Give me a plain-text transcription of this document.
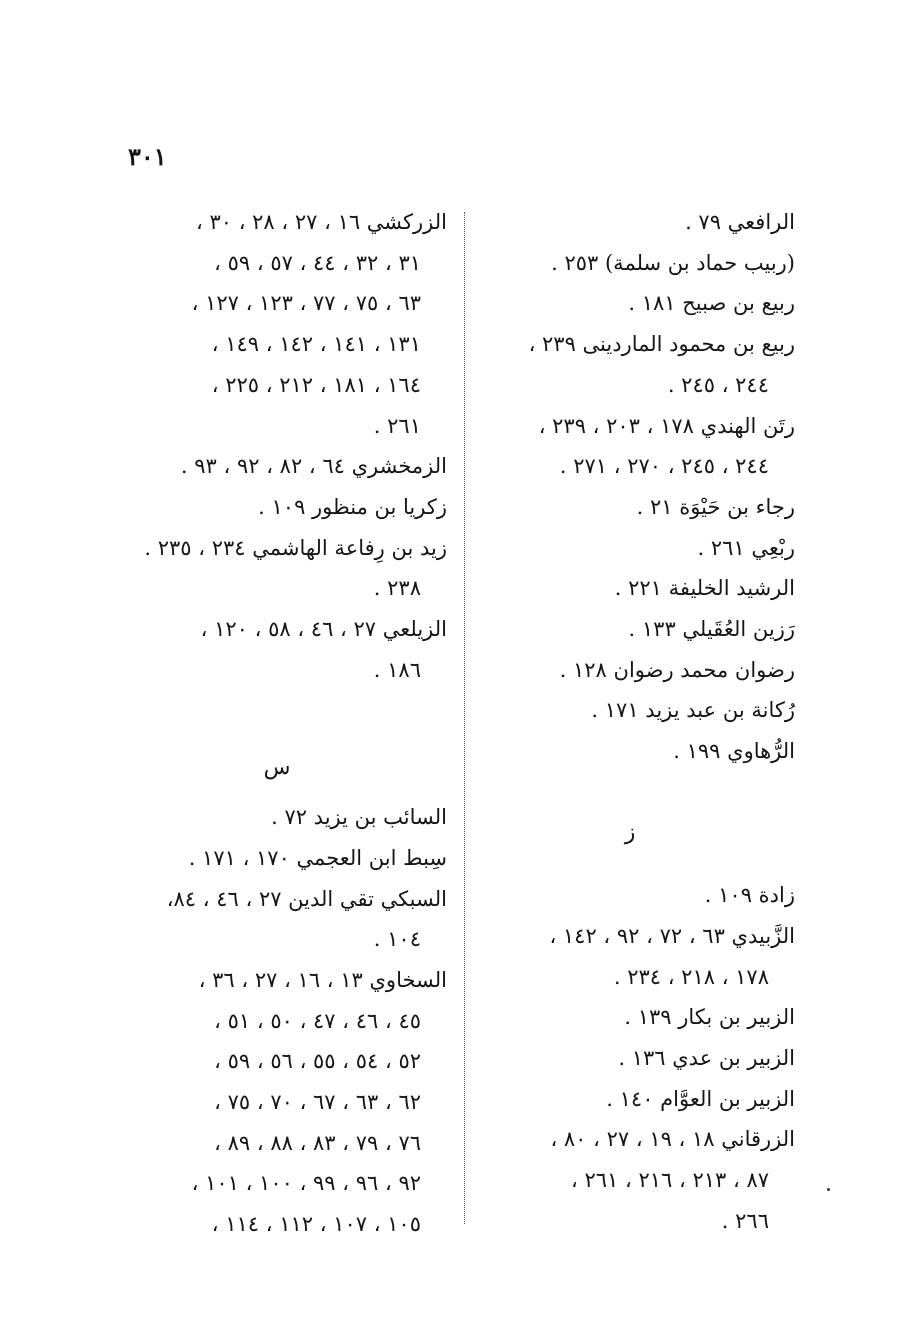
٣٠١
الرافعي ٧٩ .
(ربيب حماد بن سلمة) ٢٥٣ .
ربيع بن صبيح ١٨١ .
ربيع بن محمود الماردينى ٢٣٩ ،
٢٤٤ ، ٢٤٥ .
رتَن الهندي ١٧٨ ، ٢٠٣ ، ٢٣٩ ،
٢٤٤ ، ٢٤٥ ، ٢٧٠ ، ٢٧١ .
رجاء بن حَيْوَة ٢١ .
ربْعِي ٢٦١ .
الرشيد الخليفة ٢٢١ .
رَزين العُقَيلي ١٣٣ .
رضوان محمد رضوان ١٢٨ .
رُكانة بن عبد يزيد ١٧١ .
الرُّهاوي ١٩٩ .
ز
زادة ١٠٩ .
الزَّبيدي ٦٣ ، ٧٢ ، ٩٢ ، ١٤٢ ،
١٧٨ ، ٢١٨ ، ٢٣٤ .
الزبير بن بكار ١٣٩ .
الزبير بن عدي ١٣٦ .
الزبير بن العوَّام ١٤٠ .
الزرقاني ١٨ ، ١٩ ، ٢٧ ، ٨٠ ،
٨٧ ، ٢١٣ ، ٢١٦ ، ٢٦١ ،
٢٦٦ .
الزركشي ١٦ ، ٢٧ ، ٢٨ ، ٣٠ ،
٣١ ، ٣٢ ، ٤٤ ، ٥٧ ، ٥٩ ،
٦٣ ، ٧٥ ، ٧٧ ، ١٢٣ ، ١٢٧ ،
١٣١ ، ١٤١ ، ١٤٢ ، ١٤٩ ،
١٦٤ ، ١٨١ ، ٢١٢ ، ٢٢٥ ،
٢٦١ .
الزمخشري ٦٤ ، ٨٢ ، ٩٢ ، ٩٣ .
زكريا بن منظور ١٠٩ .
زيد بن رِفاعة الهاشمي ٢٣٤ ، ٢٣٥ .
٢٣٨ .
الزيلعي ٢٧ ، ٤٦ ، ٥٨ ، ١٢٠ ،
١٨٦ .
س
السائب بن يزيد ٧٢ .
سِبط ابن العجمي ١٧٠ ، ١٧١ .
السبكي تقي الدين ٢٧ ، ٤٦ ، ٨٤،
١٠٤ .
السخاوي ١٣ ، ١٦ ، ٢٧ ، ٣٦ ،
٤٥ ، ٤٦ ، ٤٧ ، ٥٠ ، ٥١ ،
٥٢ ، ٥٤ ، ٥٥ ، ٥٦ ، ٥٩ ،
٦٢ ، ٦٣ ، ٦٧ ، ٧٠ ، ٧٥ ،
٧٦ ، ٧٩ ، ٨٣ ، ٨٨ ، ٨٩ ،
٩٢ ، ٩٦ ، ٩٩ ، ١٠٠ ، ١٠١ ،
١٠٥ ، ١٠٧ ، ١١٢ ، ١١٤ ،
